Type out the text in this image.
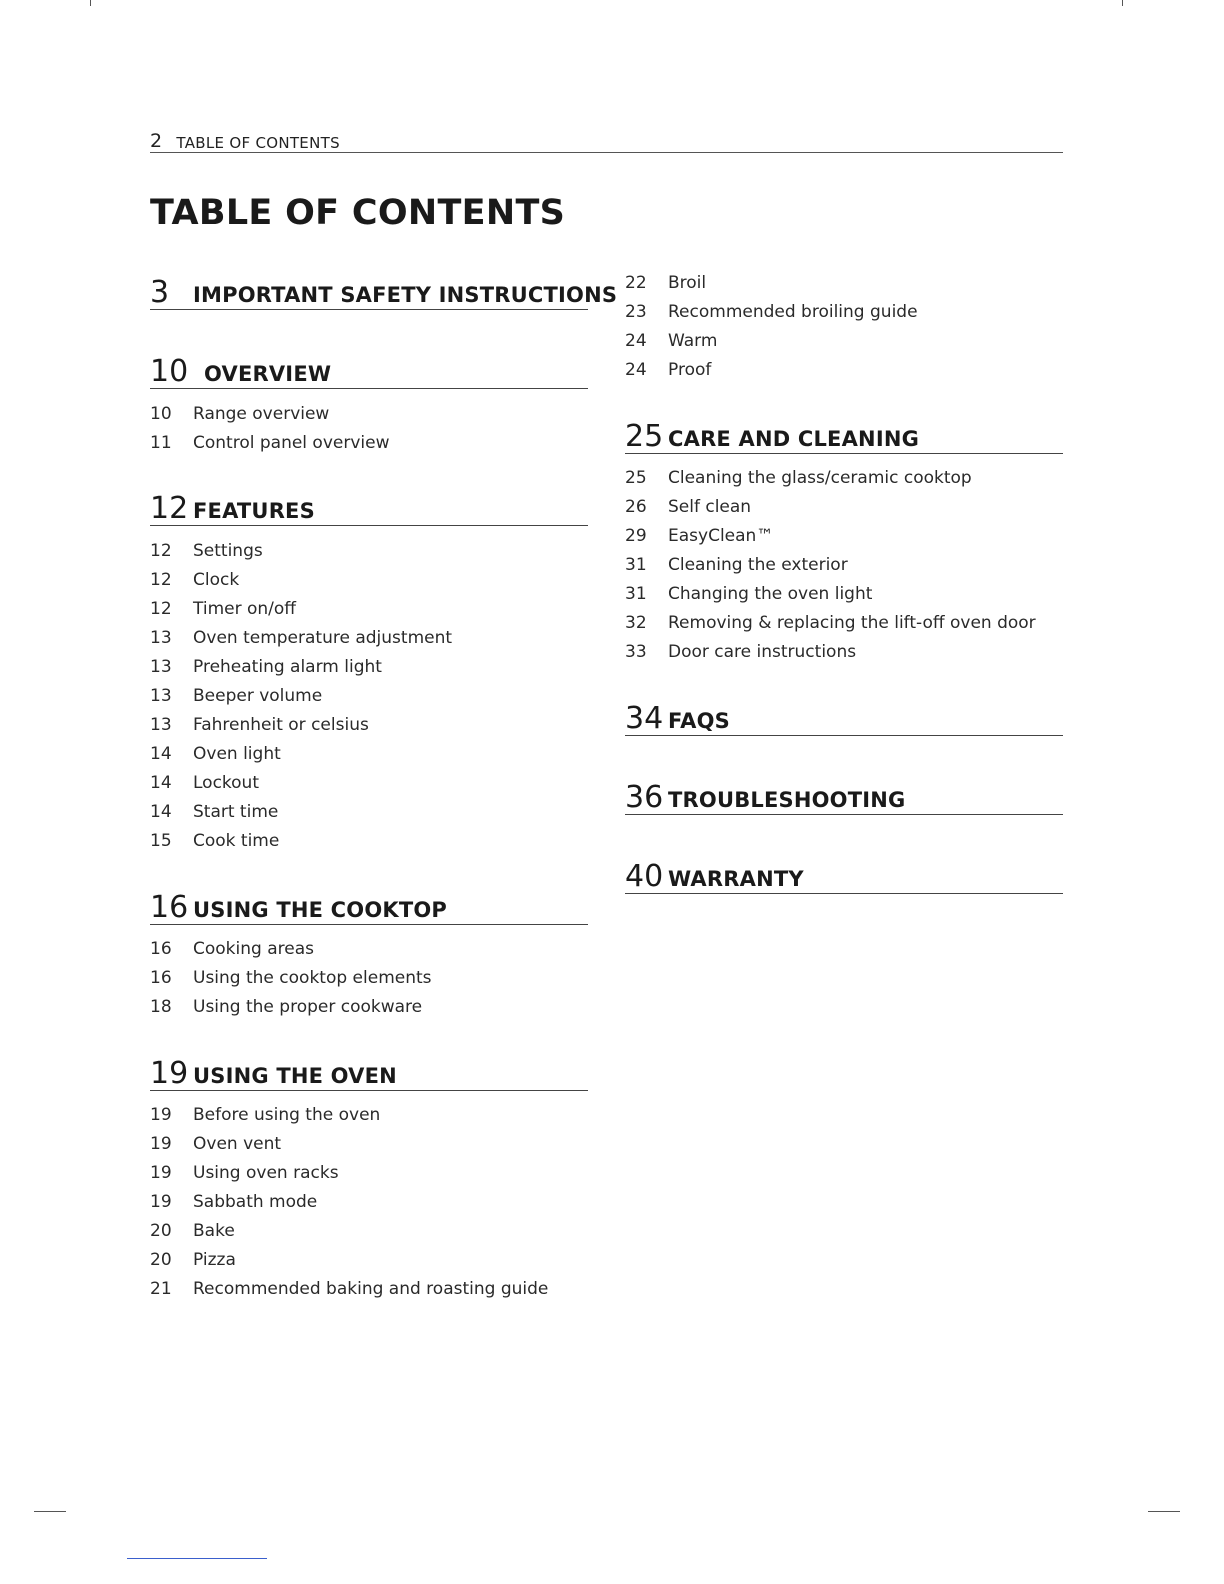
2 TABLE OF CONTENTS
TABLE OF CONTENTS
3 IMPORTANT SAFETY INSTRUCTIONS
10 OVERVIEW
10 Range overview
11 Control panel overview
12 FEATURES
12 Settings
12 Clock
12 Timer on/off
13 Oven temperature adjustment
13 Preheating alarm light
13 Beeper volume
13 Fahrenheit or celsius
14 Oven light
14 Lockout
14 Start time
15 Cook time
16 USING THE COOKTOP
16 Cooking areas
16 Using the cooktop elements
18 Using the proper cookware
19 USING THE OVEN
19 Before using the oven
19 Oven vent
19 Using oven racks
19 Sabbath mode
20 Bake
20 Pizza
21 Recommended baking and roasting guide
22 Broil
23 Recommended broiling guide
24 Warm
24 Proof
25 CARE AND CLEANING
25 Cleaning the glass/ceramic cooktop
26 Self clean
29 EasyClean™
31 Cleaning the exterior
31 Changing the oven light
32 Removing & replacing the lift-off oven door
33 Door care instructions
34 FAQS
36 TROUBLESHOOTING
40 WARRANTY
